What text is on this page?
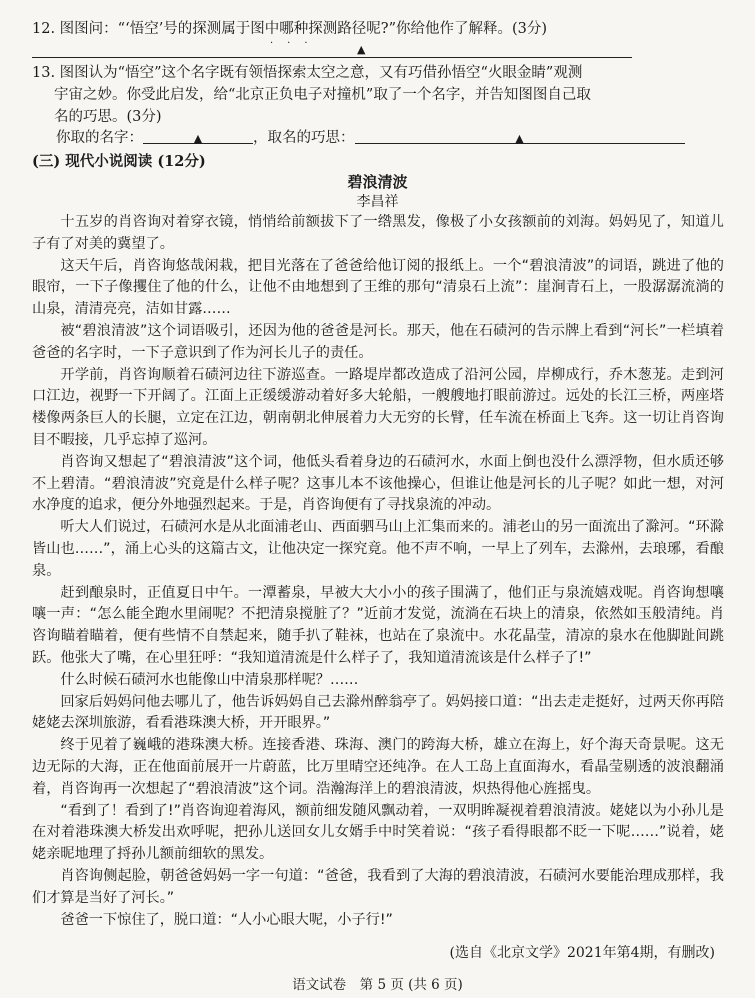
12. 图图问：“‘悟空’号的探测属于图中哪种探测路径呢?”你给他作了解释。(3分)
···	▲
13. 图图认为“悟空”这个名字既有领悟探索太空之意，又有巧借孙悟空“火眼金睛”观测
宇宙之妙。你受此启发，给“北京正负电子对撞机”取了一个名字，并告知图图自己取
名的巧思。(3分)
你取的名字：	▲	，取名的巧思：	▲
(三) 现代小说阅读 (12分)
碧浪清波
李昌祥

十五岁的肖咨询对着穿衣镜，悄悄给前额拔下了一绺黑发，像极了小女孩额前的刘海。妈妈见了，知道儿子有了对美的冀望了。

这天午后，肖咨询悠哉闲栽，把目光落在了爸爸给他订阅的报纸上。一个“碧浪清波”的词语，跳进了他的眼帘，一下子像攫住了他的什么，让他不由地想到了王维的那句“清泉石上流”：崖涧青石上，一股潺潺流淌的山泉，清清亮亮，洁如甘露……

被“碧浪清波”这个词语吸引，还因为他的爸爸是河长。那天，他在石碛河的告示牌上看到“河长”一栏填着爸爸的名字时，一下子意识到了作为河长儿子的责任。

开学前，肖咨询顺着石碛河边往下游巡查。一路堤岸都改造成了沿河公园，岸柳成行，乔木葱茏。走到河口江边，视野一下开阔了。江面上正缓缓游动着好多大轮船，一艘艘地打眼前游过。远处的长江三桥，两座塔楼像两条巨人的长腿，立定在江边，朝南朝北伸展着力大无穷的长臂，任车流在桥面上飞奔。这一切让肖咨询目不暇接，几乎忘掉了巡河。

肖咨询又想起了“碧浪清波”这个词，他低头看着身边的石碛河水，水面上倒也没什么漂浮物，但水质还够不上碧清。“碧浪清波”究竟是什么样子呢？这事儿本不该他操心，但谁让他是河长的儿子呢？如此一想，对河水净度的追求，便分外地强烈起来。于是，肖咨询便有了寻找泉流的冲动。

听大人们说过，石碛河水是从北面浦老山、西面驷马山上汇集而来的。浦老山的另一面流出了滁河。“环滁皆山也……”，涌上心头的这篇古文，让他决定一探究竟。他不声不响，一早上了列车，去滁州，去琅琊，看酿泉。

赶到酿泉时，正值夏日中午。一潭蓄泉，早被大大小小的孩子围满了，他们正与泉流嬉戏呢。肖咨询想嚷嚷一声：“怎么能全跑水里闹呢？不把清泉搅脏了？”近前才发觉，流淌在石块上的清泉，依然如玉般清纯。肖咨询瞄着瞄着，便有些情不自禁起来，随手扒了鞋袜，也站在了泉流中。水花晶莹，清凉的泉水在他脚趾间跳跃。他张大了嘴，在心里狂呼：“我知道清流是什么样子了，我知道清流该是什么样子了!”

什么时候石碛河水也能像山中清泉那样呢？……

回家后妈妈问他去哪儿了，他告诉妈妈自己去滁州醉翁亭了。妈妈接口道：“出去走走挺好，过两天你再陪姥姥去深圳旅游，看看港珠澳大桥，开开眼界。”

终于见着了巍峨的港珠澳大桥。连接香港、珠海、澳门的跨海大桥，雄立在海上，好个海天奇景呢。这无边无际的大海，正在他面前展开一片蔚蓝，比万里晴空还纯净。在人工岛上直面海水，看晶莹剔透的波浪翻涌着，肖咨询再一次想起了“碧浪清波”这个词。浩瀚海洋上的碧浪清波，炽热得他心旌摇曳。

“看到了！看到了!”肖咨询迎着海风，额前细发随风飘动着，一双明眸凝视着碧浪清波。姥姥以为小孙儿是在对着港珠澳大桥发出欢呼呢，把孙儿送回女儿女婿手中时笑着说：“孩子看得眼都不眨一下呢……”说着，姥姥亲昵地理了捋孙儿额前细软的黑发。

肖咨询侧起脸，朝爸爸妈妈一字一句道：“爸爸，我看到了大海的碧浪清波，石碛河水要能治理成那样，我们才算是当好了河长。”

爸爸一下惊住了，脱口道：“人小心眼大呢，小子行!”

(选自《北京文学》2021年第4期，有删改)
语文试卷　第 5 页 (共 6 页)
